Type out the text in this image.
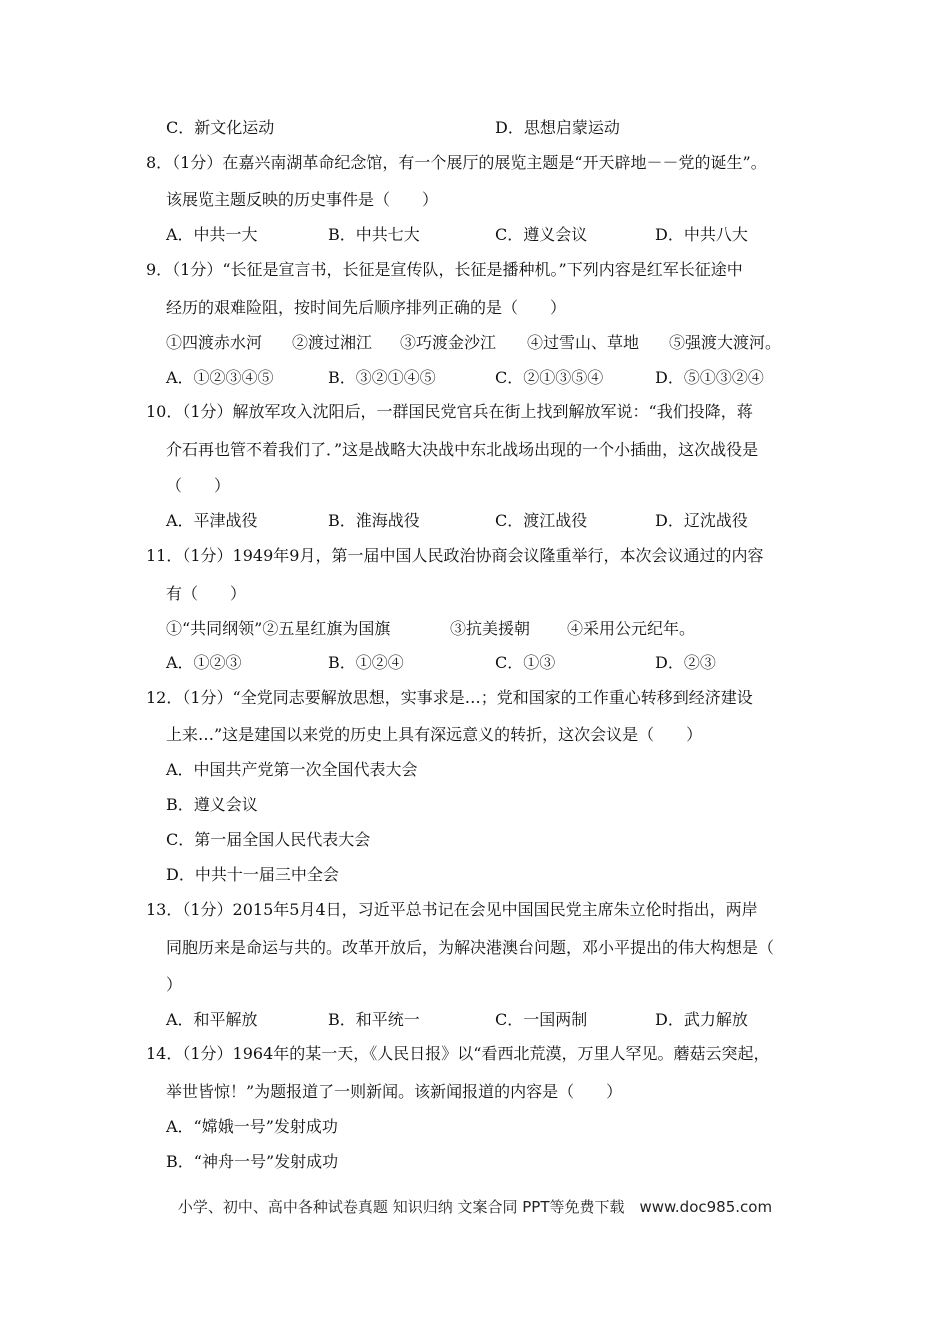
C．新文化运动	D．思想启蒙运动
8．（1分）在嘉兴南湖革命纪念馆，有一个展厅的展览主题是“开天辟地－－党的诞生”。
该展览主题反映的历史事件是（　　）
A．中共一大	B．中共七大	C．遵义会议	D．中共八大
9．（1分）“长征是宣言书，长征是宣传队，长征是播种机。”下列内容是红军长征途中
经历的艰难险阻，按时间先后顺序排列正确的是（　　）
①四渡赤水河 ②渡过湘江 ③巧渡金沙江 ④过雪山、草地 ⑤强渡大渡河。
A．①②③④⑤	B．③②①④⑤	C．②①③⑤④	D．⑤①③②④
10．（1分）解放军攻入沈阳后，一群国民党官兵在街上找到解放军说：“我们投降，蒋
介石再也管不着我们了．”这是战略大决战中东北战场出现的一个小插曲，这次战役是
（　　）
A．平津战役	B．淮海战役	C．渡江战役	D．辽沈战役
11．（1分）1949年9月，第一届中国人民政治协商会议隆重举行，本次会议通过的内容
有（　　）
①“共同纲领”②五星红旗为国旗	③抗美援朝 ④采用公元纪年。
A．①②③	B．①②④	C．①③	D．②③
12．（1分）“全党同志要解放思想，实事求是…；党和国家的工作重心转移到经济建设
上来…”这是建国以来党的历史上具有深远意义的转折，这次会议是（　　）
A．中国共产党第一次全国代表大会
B．遵义会议
C．第一届全国人民代表大会
D．中共十一届三中全会
13．（1分）2015年5月4日，习近平总书记在会见中国国民党主席朱立伦时指出，两岸
同胞历来是命运与共的。改革开放后，为解决港澳台问题，邓小平提出的伟大构想是（
）
A．和平解放	B．和平统一	C．一国两制	D．武力解放
14．（1分）1964年的某一天，《人民日报》以“看西北荒漠，万里人罕见。蘑菇云突起，
举世皆惊！”为题报道了一则新闻。该新闻报道的内容是（　　）
A．“嫦娥一号”发射成功
B．“神舟一号”发射成功
小学、初中、高中各种试卷真题 知识归纳 文案合同 PPT等免费下载　www.doc985.com
